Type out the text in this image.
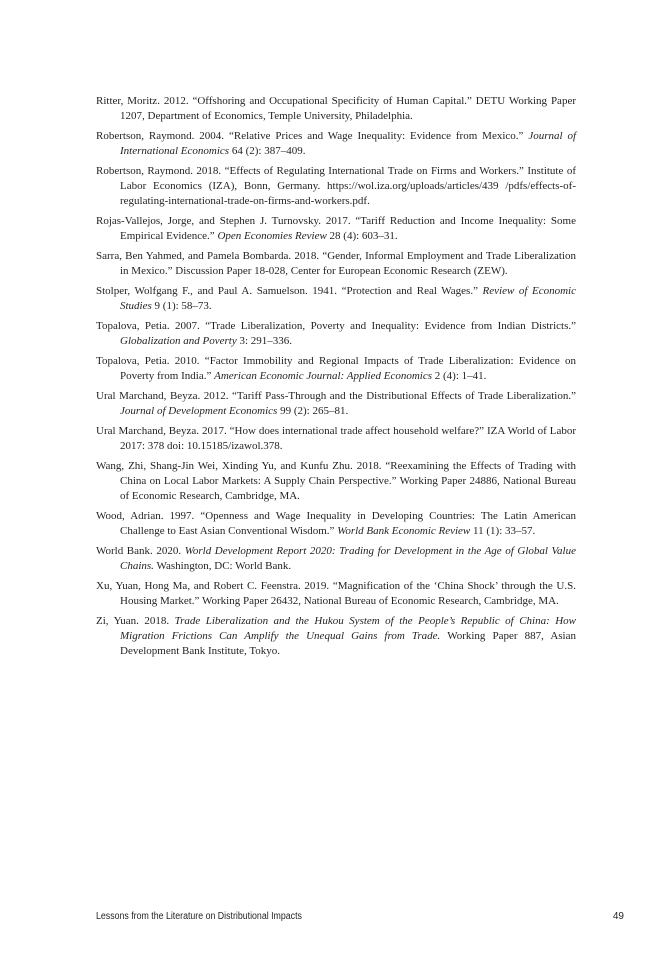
Ritter, Moritz. 2012. “Offshoring and Occupational Specificity of Human Capital.” DETU Working Paper 1207, Department of Economics, Temple University, Philadelphia.

Robertson, Raymond. 2004. “Relative Prices and Wage Inequality: Evidence from Mexico.” Journal of International Economics 64 (2): 387–409.

Robertson, Raymond. 2018. “Effects of Regulating International Trade on Firms and Workers.” Institute of Labor Economics (IZA), Bonn, Germany. https://wol.iza.org/uploads/articles/439 /pdfs/effects-of-regulating-international-trade-on-firms-and-workers.pdf.

Rojas-Vallejos, Jorge, and Stephen J. Turnovsky. 2017. “Tariff Reduction and Income Inequality: Some Empirical Evidence.” Open Economies Review 28 (4): 603–31.

Sarra, Ben Yahmed, and Pamela Bombarda. 2018. “Gender, Informal Employment and Trade Liberalization in Mexico.” Discussion Paper 18-028, Center for European Economic Research (ZEW).

Stolper, Wolfgang F., and Paul A. Samuelson. 1941. “Protection and Real Wages.” Review of Economic Studies 9 (1): 58–73.

Topalova, Petia. 2007. “Trade Liberalization, Poverty and Inequality: Evidence from Indian Districts.” Globalization and Poverty 3: 291–336.

Topalova, Petia. 2010. “Factor Immobility and Regional Impacts of Trade Liberalization: Evidence on Poverty from India.” American Economic Journal: Applied Economics 2 (4): 1–41.

Ural Marchand, Beyza. 2012. “Tariff Pass-Through and the Distributional Effects of Trade Liberalization.” Journal of Development Economics 99 (2): 265–81.

Ural Marchand, Beyza. 2017. “How does international trade affect household welfare?” IZA World of Labor 2017: 378 doi: 10.15185/izawol.378.

Wang, Zhi, Shang-Jin Wei, Xinding Yu, and Kunfu Zhu. 2018. “Reexamining the Effects of Trading with China on Local Labor Markets: A Supply Chain Perspective.” Working Paper 24886, National Bureau of Economic Research, Cambridge, MA.

Wood, Adrian. 1997. “Openness and Wage Inequality in Developing Countries: The Latin American Challenge to East Asian Conventional Wisdom.” World Bank Economic Review 11 (1): 33–57.

World Bank. 2020. World Development Report 2020: Trading for Development in the Age of Global Value Chains. Washington, DC: World Bank.

Xu, Yuan, Hong Ma, and Robert C. Feenstra. 2019. “Magnification of the ‘China Shock’ through the U.S. Housing Market.” Working Paper 26432, National Bureau of Economic Research, Cambridge, MA.

Zi, Yuan. 2018. Trade Liberalization and the Hukou System of the People’s Republic of China: How Migration Frictions Can Amplify the Unequal Gains from Trade. Working Paper 887, Asian Development Bank Institute, Tokyo.

Lessons from the Literature on Distributional Impacts	49
